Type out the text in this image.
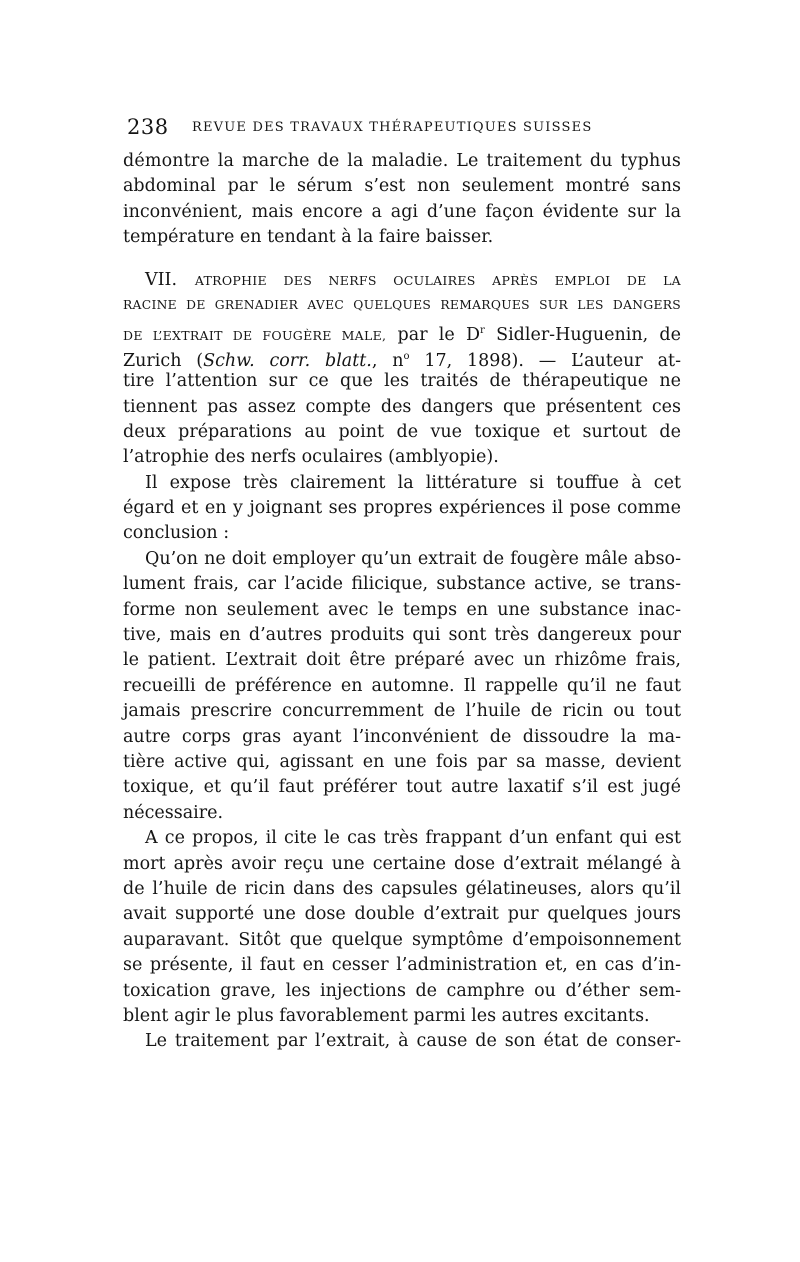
238 REVUE DES TRAVAUX THÉRAPEUTIQUES SUISSES
démontre la marche de la maladie. Le traitement du typhus
abdominal par le sérum s’est non seulement montré sans
inconvénient, mais encore a agi d’une façon évidente sur la
température en tendant à la faire baisser.
VII. ATROPHIE DES NERFS OCULAIRES APRÈS EMPLOI DE LA
RACINE DE GRENADIER AVEC QUELQUES REMARQUES SUR LES DANGERS
DE L’EXTRAIT DE FOUGÈRE MALE, par le $D^r$ Sidler-Huguenin, de
Zurich (Schw. corr. blatt., $n^o$ 17, 1898). — L’auteur at-
tire l’attention sur ce que les traités de thérapeutique ne
tiennent pas assez compte des dangers que présentent ces
deux préparations au point de vue toxique et surtout de
l’atrophie des nerfs oculaires (amblyopie).
Il expose très clairement la littérature si touffue à cet
égard et en y joignant ses propres expériences il pose comme
conclusion :
Qu’on ne doit employer qu’un extrait de fougère mâle abso-
lument frais, car l’acide filicique, substance active, se trans-
forme non seulement avec le temps en une substance inac-
tive, mais en d’autres produits qui sont très dangereux pour
le patient. L’extrait doit être préparé avec un rhizôme frais,
recueilli de préférence en automne. Il rappelle qu’il ne faut
jamais prescrire concurremment de l’huile de ricin ou tout
autre corps gras ayant l’inconvénient de dissoudre la ma-
tière active qui, agissant en une fois par sa masse, devient
toxique, et qu’il faut préférer tout autre laxatif s’il est jugé
nécessaire.
A ce propos, il cite le cas très frappant d’un enfant qui est
mort après avoir reçu une certaine dose d’extrait mélangé à
de l’huile de ricin dans des capsules gélatineuses, alors qu’il
avait supporté une dose double d’extrait pur quelques jours
auparavant. Sitôt que quelque symptôme d’empoisonnement
se présente, il faut en cesser l’administration et, en cas d’in-
toxication grave, les injections de camphre ou d’éther sem-
blent agir le plus favorablement parmi les autres excitants.
Le traitement par l’extrait, à cause de son état de conser-
